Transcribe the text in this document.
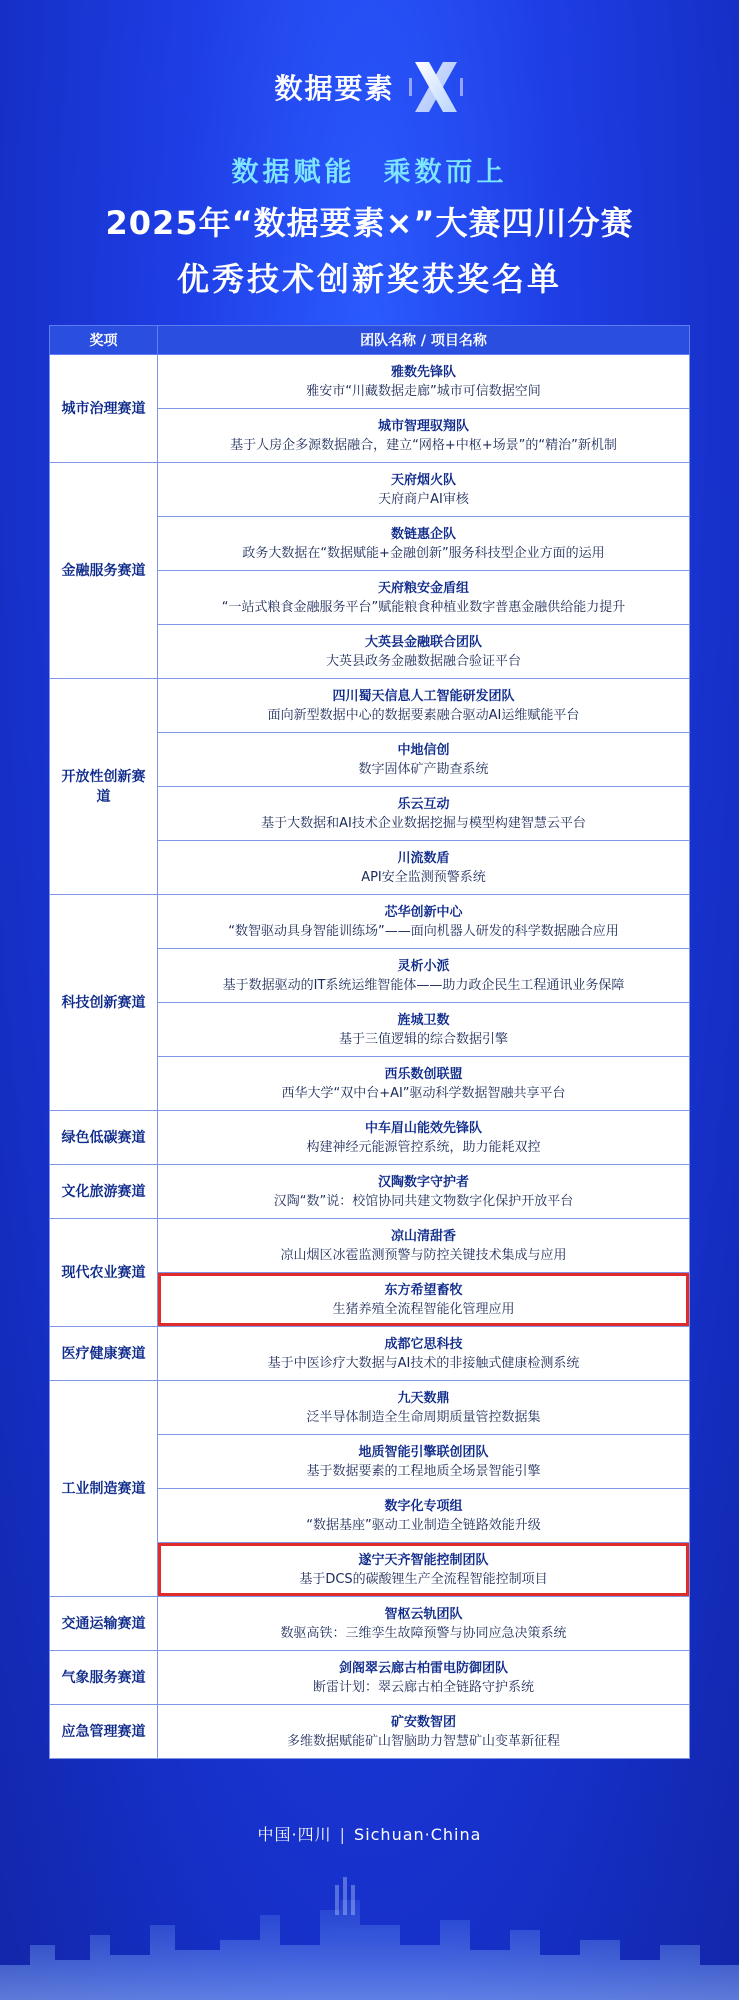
数据要素
数据赋能 乘数而上
2025年“数据要素×”大赛四川分赛
优秀技术创新奖获奖名单
奖项	团队名称 / 项目名称
城市治理赛道	雅数先锋队
雅安市“川藏数据走廊”城市可信数据空间

	城市智理驭翔队
基于人房企多源数据融合，建立“网格+中枢+场景”的“精治”新机制

金融服务赛道	天府烟火队
天府商户AI审核

	数链惠企队
政务大数据在“数据赋能+金融创新”服务科技型企业方面的运用

	天府粮安金盾组
“一站式粮食金融服务平台”赋能粮食种植业数字普惠金融供给能力提升

	大英县金融联合团队
大英县政务金融数据融合验证平台

开放性创新赛道	四川蜀天信息人工智能研发团队
面向新型数据中心的数据要素融合驱动AI运维赋能平台

	中地信创
数字固体矿产勘查系统

	乐云互动
基于大数据和AI技术企业数据挖掘与模型构建智慧云平台

	川流数盾
API安全监测预警系统

科技创新赛道	芯华创新中心
“数智驱动具身智能训练场”——面向机器人研发的科学数据融合应用

	灵析小派
基于数据驱动的IT系统运维智能体——助力政企民生工程通讯业务保障

	旌城卫数
基于三值逻辑的综合数据引擎

	西乐数创联盟
西华大学“双中台+AI”驱动科学数据智融共享平台

绿色低碳赛道	中车眉山能效先锋队
构建神经元能源管控系统，助力能耗双控

文化旅游赛道	汉陶数字守护者
汉陶“数”说：校馆协同共建文物数字化保护开放平台

现代农业赛道	凉山清甜香
凉山烟区冰雹监测预警与防控关键技术集成与应用

	东方希望畜牧
生猪养殖全流程智能化管理应用

医疗健康赛道	成都它思科技
基于中医诊疗大数据与AI技术的非接触式健康检测系统

工业制造赛道	九天数鼎
泛半导体制造全生命周期质量管控数据集

	地质智能引擎联创团队
基于数据要素的工程地质全场景智能引擎

	数字化专项组
“数据基座”驱动工业制造全链路效能升级

	遂宁天齐智能控制团队
基于DCS的碳酸锂生产全流程智能控制项目

交通运输赛道	智枢云轨团队
数驱高铁：三维孪生故障预警与协同应急决策系统

气象服务赛道	剑阁翠云廊古柏雷电防御团队
断雷计划：翠云廊古柏全链路守护系统

应急管理赛道	矿安数智团
多维数据赋能矿山智脑助力智慧矿山变革新征程
中国·四川 | Sichuan·China
